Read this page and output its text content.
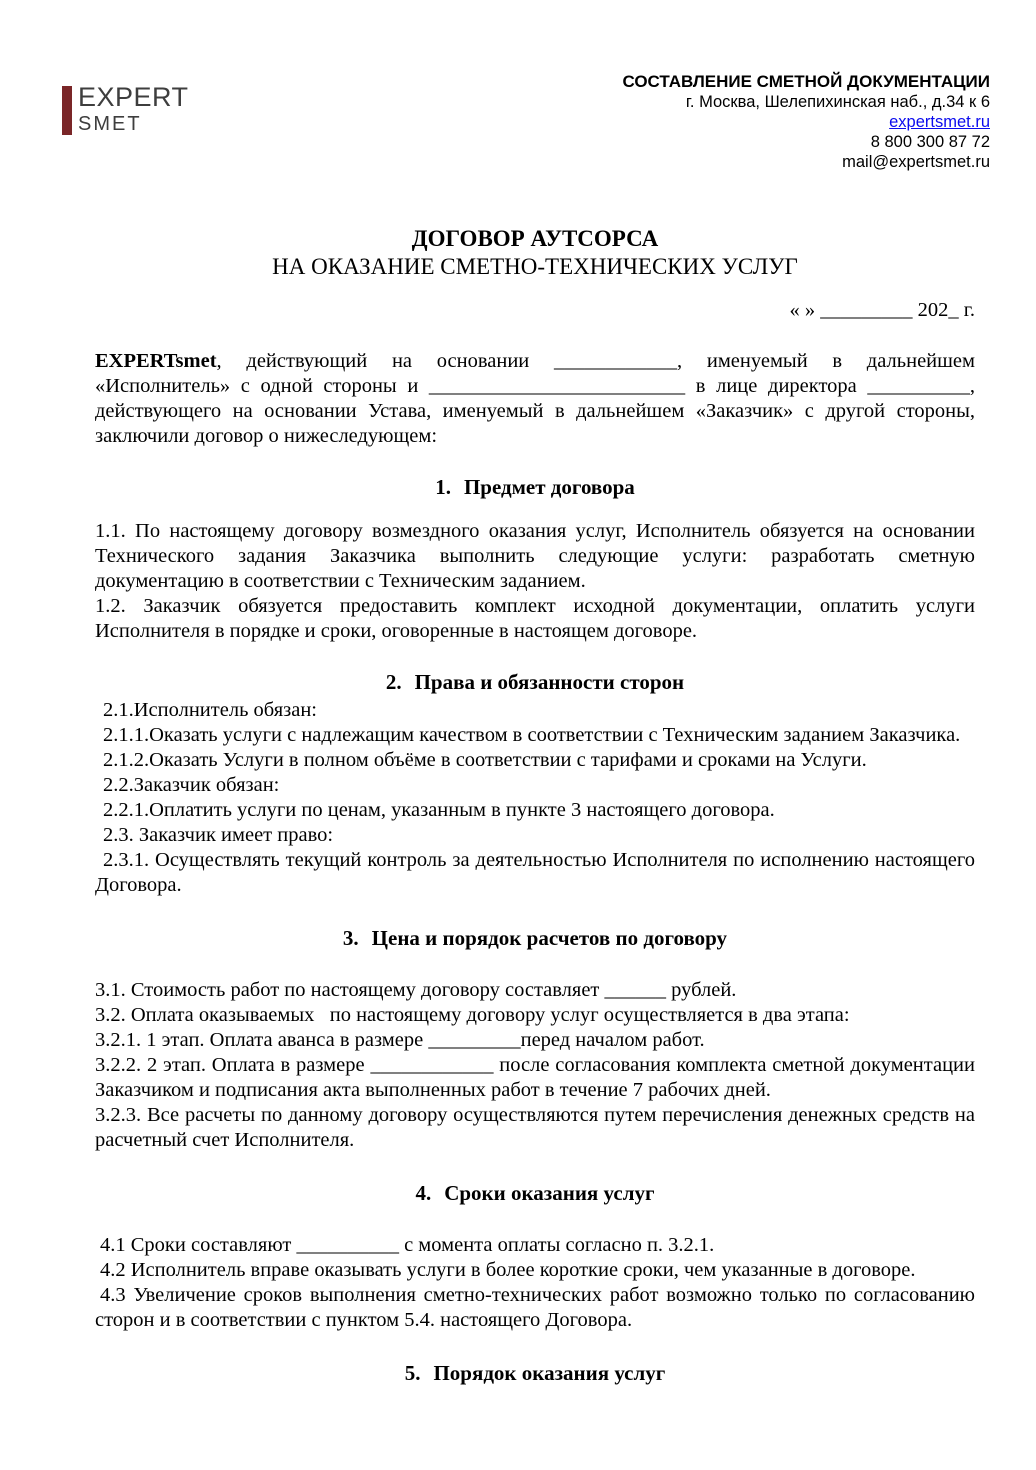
EXPERT
SMET
СОСТАВЛЕНИЕ СМЕТНОЙ ДОКУМЕНТАЦИИ
г. Москва, Шелепихинская наб., д.34 к 6
expertsmet.ru
8 800 300 87 72
mail@expertsmet.ru
ДОГОВОР АУТСОРСА
НА ОКАЗАНИЕ СМЕТНО-ТЕХНИЧЕСКИХ УСЛУГ
« » _________ 202_ г.

EXPERTsmet, действующий на основании ____________, именуемый в дальнейшем «Исполнитель» с одной стороны и _________________________ в лице директора __________, действующего на основании Устава, именуемый в дальнейшем «Заказчик» с другой стороны, заключили договор о нижеследующем:

1. Предмет договора

1.1. По настоящему договору возмездного оказания услуг, Исполнитель обязуется на основании Технического задания Заказчика выполнить следующие услуги: разработать сметную документацию в соответствии с Техническим заданием.

1.2. Заказчик обязуется предоставить комплект исходной документации, оплатить услуги Исполнителя в порядке и сроки, оговоренные в настоящем договоре.

2. Права и обязанности сторон

2.1.Исполнитель обязан:

2.1.1.Оказать услуги с надлежащим качеством в соответствии с Техническим заданием Заказчика.

2.1.2.Оказать Услуги в полном объёме в соответствии с тарифами и сроками на Услуги.

2.2.Заказчик обязан:

2.2.1.Оплатить услуги по ценам, указанным в пункте 3 настоящего договора.

2.3. Заказчик имеет право:

2.3.1. Осуществлять текущий контроль за деятельностью Исполнителя по исполнению настоящего Договора.

3. Цена и порядок расчетов по договору

3.1. Стоимость работ по настоящему договору составляет ______ рублей.

3.2. Оплата оказываемых   по настоящему договору услуг осуществляется в два этапа:

3.2.1. 1 этап. Оплата аванса в размере _________перед началом работ.

3.2.2. 2 этап. Оплата в размере ____________ после согласования комплекта сметной документации Заказчиком и подписания акта выполненных работ в течение 7 рабочих дней.

3.2.3. Все расчеты по данному договору осуществляются путем перечисления денежных средств на расчетный счет Исполнителя.

4. Сроки оказания услуг

4.1 Сроки составляют __________ с момента оплаты согласно п. 3.2.1.

4.2 Исполнитель вправе оказывать услуги в более короткие сроки, чем указанные в договоре.

4.3 Увеличение сроков выполнения сметно-технических работ возможно только по согласованию сторон и в соответствии с пунктом 5.4. настоящего Договора.

5. Порядок оказания услуг
